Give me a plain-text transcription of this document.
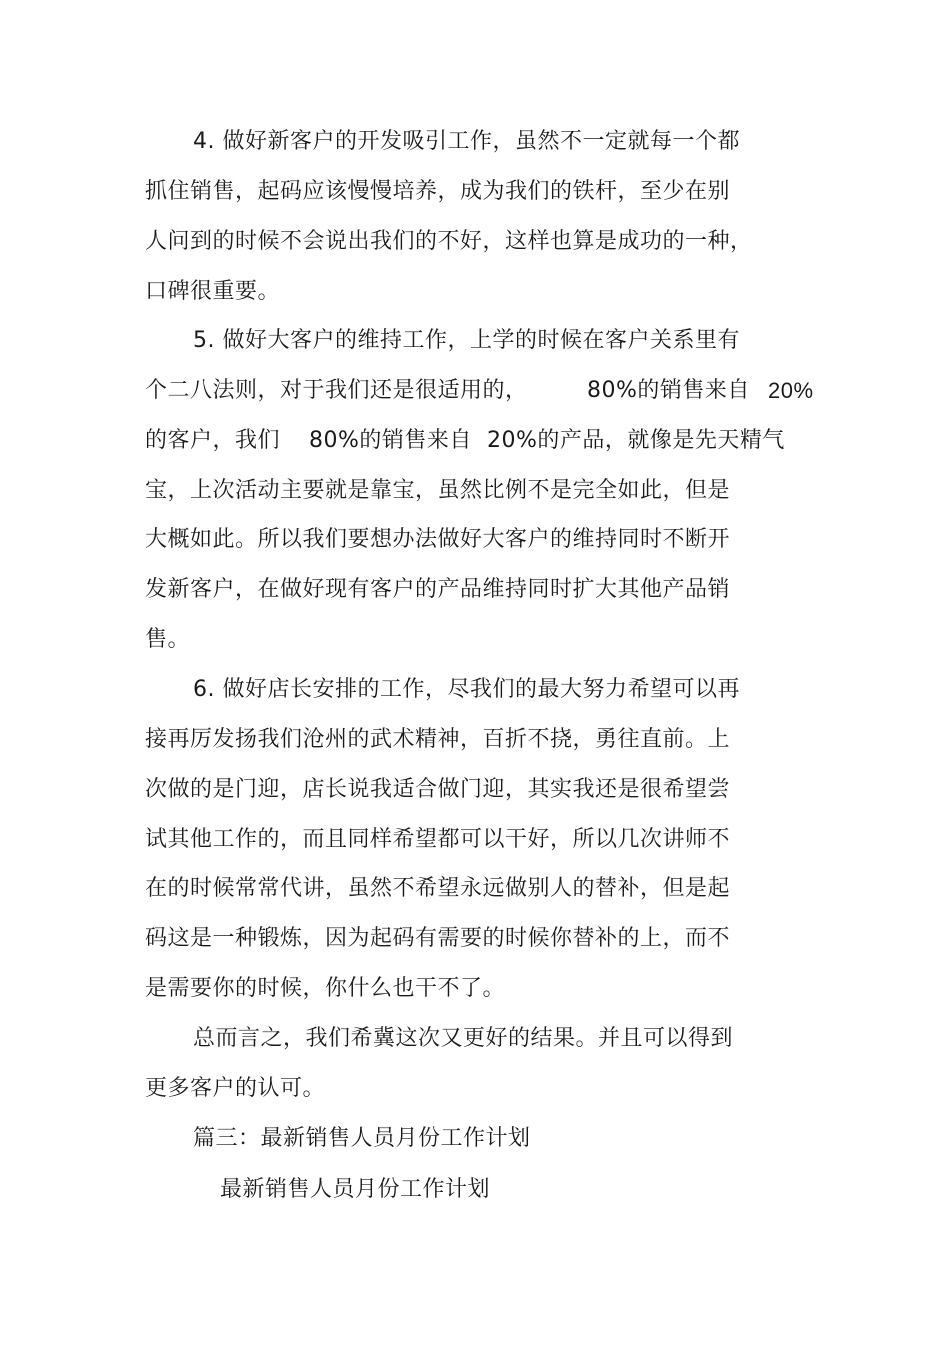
4. 做好新客户的开发吸引工作，虽然不一定就每一个都
抓住销售，起码应该慢慢培养，成为我们的铁杆，至少在别
人问到的时候不会说出我们的不好，这样也算是成功的一种，
口碑很重要。
5. 做好大客户的维持工作，上学的时候在客户关系里有
个二八法则，对于我们还是很适用的，	80%的销售来自 20%
的客户，我们 80%的销售来自 20%的产品，就像是先天精气
宝，上次活动主要就是靠宝，虽然比例不是完全如此，但是
大概如此。所以我们要想办法做好大客户的维持同时不断开
发新客户，在做好现有客户的产品维持同时扩大其他产品销
售。
6. 做好店长安排的工作，尽我们的最大努力希望可以再
接再厉发扬我们沧州的武术精神，百折不挠，勇往直前。上
次做的是门迎，店长说我适合做门迎，其实我还是很希望尝
试其他工作的，而且同样希望都可以干好，所以几次讲师不
在的时候常常代讲，虽然不希望永远做别人的替补，但是起
码这是一种锻炼，因为起码有需要的时候你替补的上，而不
是需要你的时候，你什么也干不了。
总而言之，我们希冀这次又更好的结果。并且可以得到
更多客户的认可。
篇三：最新销售人员月份工作计划
最新销售人员月份工作计划
